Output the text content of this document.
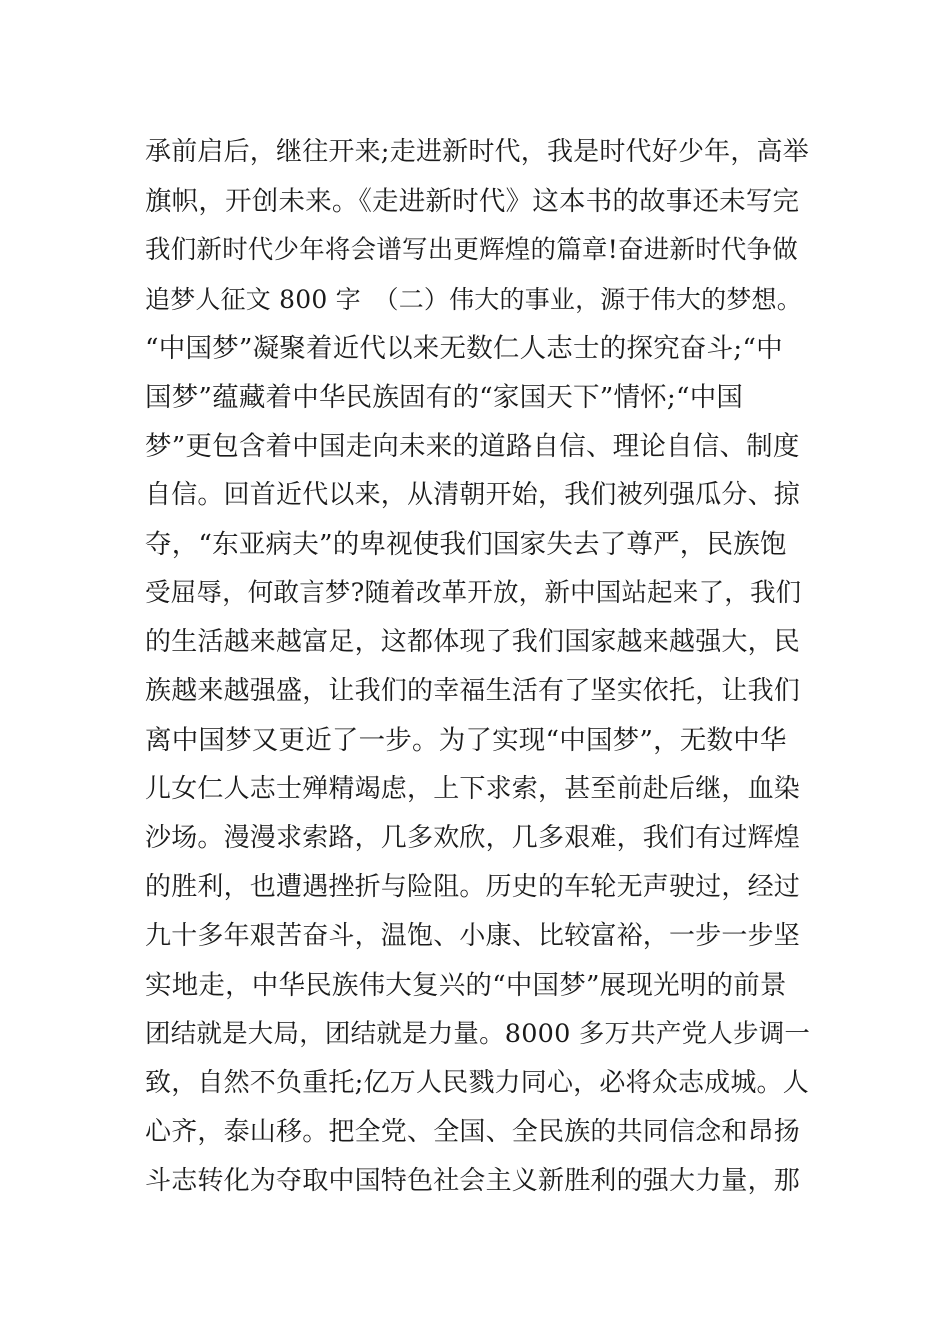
承前启后，继往开来;走进新时代，我是时代好少年，高举
旗帜，开创未来。《走进新时代》这本书的故事还未写完
我们新时代少年将会谱写出更辉煌的篇章!奋进新时代争做
追梦人征文 800 字　（二）伟大的事业，源于伟大的梦想。
“中国梦”凝聚着近代以来无数仁人志士的探究奋斗;“中
国梦”蕴藏着中华民族固有的“家国天下”情怀;“中国
梦”更包含着中国走向未来的道路自信、理论自信、制度
自信。回首近代以来，从清朝开始，我们被列强瓜分、掠
夺，“东亚病夫”的卑视使我们国家失去了尊严，民族饱
受屈辱，何敢言梦?随着改革开放，新中国站起来了，我们
的生活越来越富足，这都体现了我们国家越来越强大，民
族越来越强盛，让我们的幸福生活有了坚实依托，让我们
离中国梦又更近了一步。为了实现“中国梦”，无数中华
儿女仁人志士殚精竭虑，上下求索，甚至前赴后继，血染
沙场。漫漫求索路，几多欢欣，几多艰难，我们有过辉煌
的胜利，也遭遇挫折与险阻。历史的车轮无声驶过，经过
九十多年艰苦奋斗，温饱、小康、比较富裕，一步一步坚
实地走，中华民族伟大复兴的“中国梦”展现光明的前景
团结就是大局，团结就是力量。8000 多万共产党人步调一
致，自然不负重托;亿万人民戮力同心，必将众志成城。人
心齐，泰山移。把全党、全国、全民族的共同信念和昂扬
斗志转化为夺取中国特色社会主义新胜利的强大力量，那
